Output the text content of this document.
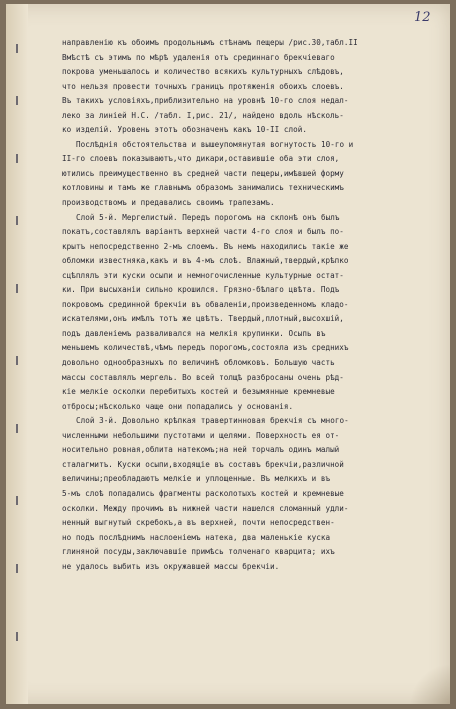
12
направленію къ обоимъ продольнымъ стѣнамъ пещеры /рис.30,табл.II
Вмѣстѣ съ этимъ по мѣрѣ удаленія отъ срединнаго брекчіеваго
покрова уменьшалось и количество всякихъ культурныхъ слѣдовъ,
что нельзя провести точныхъ границъ протяженія обоихъ слоевъ.
Въ такихъ условіяхъ,приблизительно на уровнѣ 10-го слоя недал-
леко за линіей Н.С. /табл. I,рис. 21/, найдено вдоль нѣсколь-
ко изделій. Уровень этотъ обозначенъ какъ 10-II слой.
Послѣднія обстоятельства и вышеупомянутая вогнутость 10-го и
II-го слоевъ показываютъ,что дикари,оставившіе оба эти слоя,
ютились преимущественно въ средней части пещеры,имѣвшей форму
котловины и тамъ же главнымъ образомъ занимались техническимъ
производствомъ и предавались своимъ трапезамъ.
Слой 5-й. Мергелистый. Передъ порогомъ на склонѣ онъ былъ
покатъ,составлялъ варіантъ верхней части 4-го слоя и былъ по-
крытъ непосредственно 2-мъ слоемъ. Въ немъ находились такіе же
обломки известняка,какъ и въ 4-мъ слоѣ. Влажный,твердый,крѣпко
сцѣплялъ эти куски осыпи и немногочисленные культурные остат-
ки. При высыханіи сильно крошился. Грязно-бѣлаго цвѣта. Подъ
покровомъ срединной брекчіи въ обваленіи,произведенномъ кладо-
искателями,онъ имѣлъ тотъ же цвѣтъ. Твердый,плотный,высохшій,
подъ давленіемъ разваливался на мелкія крупинки. Осыпь въ
меньшемъ количествѣ,чѣмъ передъ порогомъ,состояла изъ среднихъ
довольно однообразныхъ по величинѣ обломковъ. Большую часть
массы составлялъ мергель. Во всей толщѣ разбросаны очень рѣд-
кіе мелкіе осколки перебитыхъ костей и безымянные кремневые
отбросы;нѣсколько чаще они попадались у основанія.
Слой 3-й. Довольно крѣпкая травертинновая брекчія съ много-
численными небольшими пустотами и щелями. Поверхность ея от-
носительно ровная,облита натекомъ;на ней торчалъ одинъ малый
сталагмитъ. Куски осыпи,входящіе въ составъ брекчіи,различной
величины;преобладаютъ мелкіе и уплощенные. Въ мелкихъ и въ
5-мъ слоѣ попадались фрагменты расколотыхъ костей и кремневые
осколки. Между прочимъ въ нижней части нашелся сломанный удли-
ненный выгнутый скребокъ,а въ верхней, почти непосредствен-
но подъ послѣднимъ наслоеніемъ натека, два маленькіе куска
глиняной посуды,заключавшіе примѣсь толченаго кварцита; ихъ
не удалось выбить изъ окружавшей массы брекчіи.
